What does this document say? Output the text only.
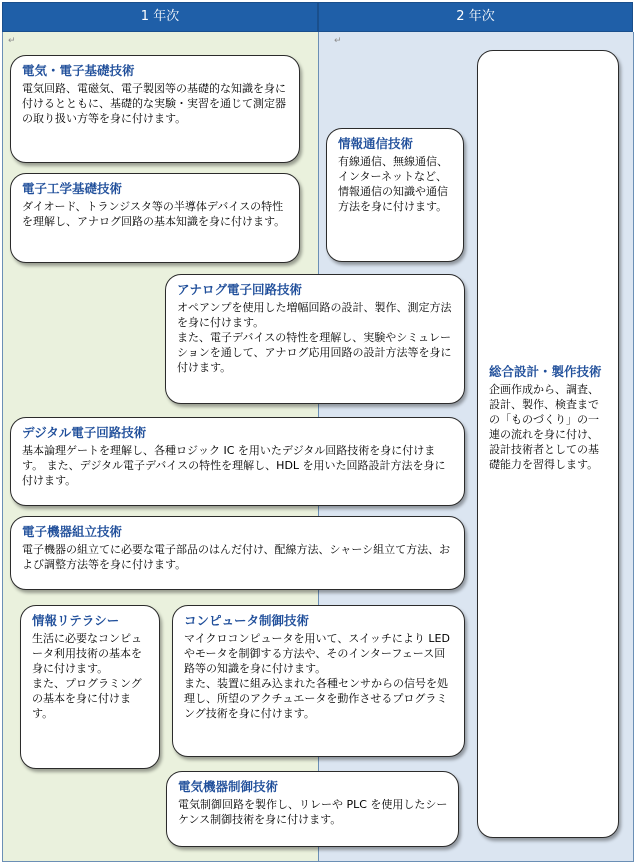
1 年次	2 年次
↵	↵
電気・電子基礎技術
電気回路、電磁気、電子製図等の基礎的な知識を身に付けるとともに、基礎的な実験・実習を通じて測定器の取り扱い方等を身に付けます。
電子工学基礎技術
ダイオード、トランジスタ等の半導体デバイスの特性を理解し、アナログ回路の基本知識を身に付けます。
情報通信技術
有線通信、無線通信、インターネットなど、情報通信の知識や通信方法を身に付けます。
総合設計・製作技術
企画作成から、調査、設計、製作、検査までの「ものづくり」の一連の流れを身に付け、設計技術者としての基礎能力を習得します。
アナログ電子回路技術
オペアンプを使用した増幅回路の設計、製作、測定方法を身に付けます。
また、電子デバイスの特性を理解し、実験やシミュレーションを通して、アナログ応用回路の設計方法等を身に付けます。
デジタル電子回路技術
基本論理ゲートを理解し、各種ロジック IC を用いたデジタル回路技術を身に付けます。 また、デジタル電子デバイスの特性を理解し、HDL を用いた回路設計方法を身に付けます。
電子機器組立技術
電子機器の組立てに必要な電子部品のはんだ付け、配線方法、シャーシ組立て方法、および調整方法等を身に付けます。
情報リテラシー
生活に必要なコンピュータ利用技術の基本を身に付けます。
また、プログラミングの基本を身に付けます。
コンピュータ制御技術
マイクロコンピュータを用いて、スイッチにより LED やモータを制御する方法や、そのインターフェース回路等の知識を身に付けます。
また、装置に組み込まれた各種センサからの信号を処理し、所望のアクチュエータを動作させるプログラミング技術を身に付けます。
電気機器制御技術
電気制御回路を製作し、リレーや PLC を使用したシーケンス制御技術を身に付けます。
